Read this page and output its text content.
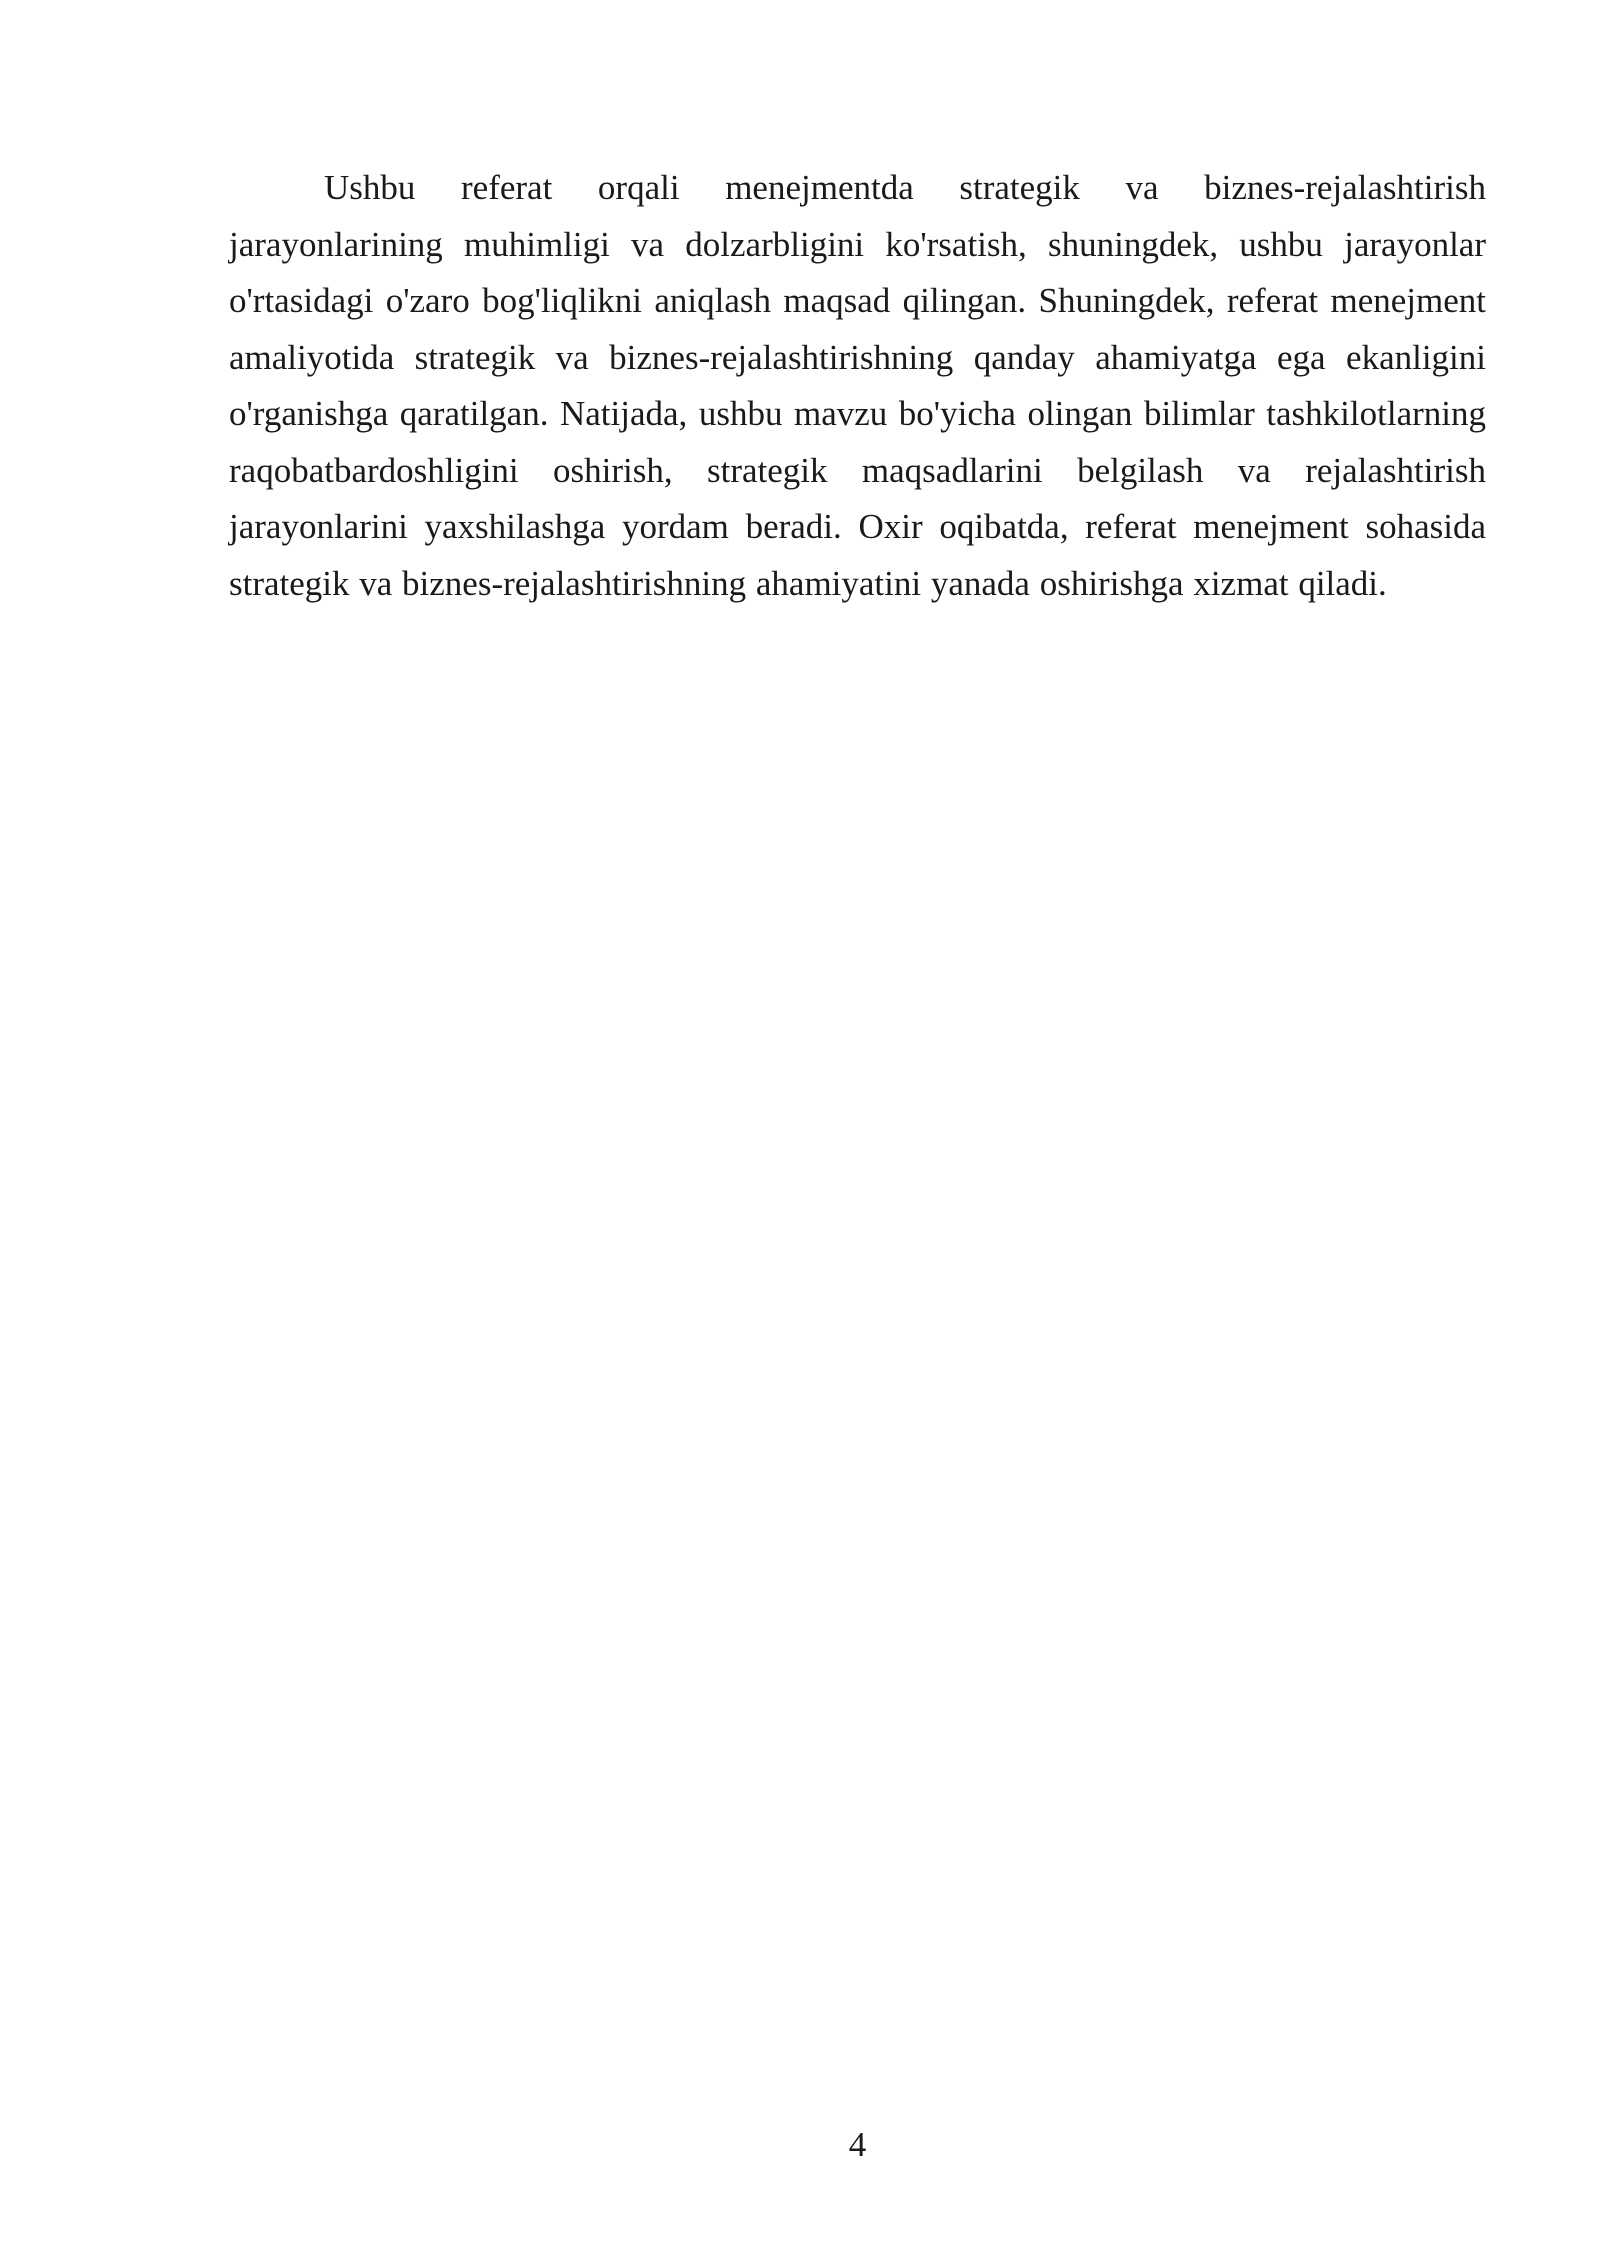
Ushbu referat orqali menejmentda strategik va biznes-rejalashtirish jarayonlarining muhimligi va dolzarbligini ko'rsatish, shuningdek, ushbu jarayonlar o'rtasidagi o'zaro bog'liqlikni aniqlash maqsad qilingan. Shuningdek, referat menejment amaliyotida strategik va biznes-rejalashtirishning qanday ahamiyatga ega ekanligini o'rganishga qaratilgan. Natijada, ushbu mavzu bo'yicha olingan bilimlar tashkilotlarning raqobatbardoshligini oshirish, strategik maqsadlarini belgilash va rejalashtirish jarayonlarini yaxshilashga yordam beradi. Oxir oqibatda, referat menejment sohasida strategik va biznes-rejalashtirishning ahamiyatini yanada oshirishga xizmat qiladi.

4
